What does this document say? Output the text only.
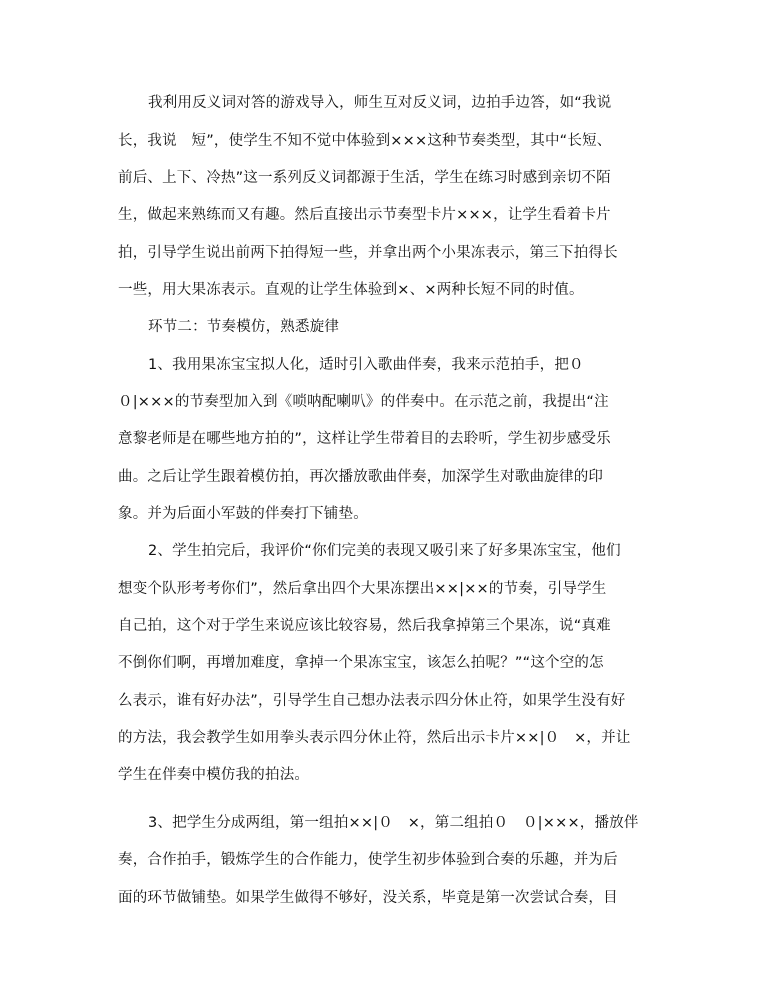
我利用反义词对答的游戏导入，师生互对反义词，边拍手边答，如“我说
长，我说　短”，使学生不知不觉中体验到×××这种节奏类型，其中“长短、
前后、上下、冷热”这一系列反义词都源于生活，学生在练习时感到亲切不陌
生，做起来熟练而又有趣。然后直接出示节奏型卡片×××，让学生看着卡片
拍，引导学生说出前两下拍得短一些，并拿出两个小果冻表示，第三下拍得长
一些，用大果冻表示。直观的让学生体验到×、×两种长短不同的时值。
环节二：节奏模仿，熟悉旋律
1、我用果冻宝宝拟人化，适时引入歌曲伴奏，我来示范拍手，把０
０|×××的节奏型加入到《唢呐配喇叭》的伴奏中。在示范之前，我提出“注
意黎老师是在哪些地方拍的”，这样让学生带着目的去聆听，学生初步感受乐
曲。之后让学生跟着模仿拍，再次播放歌曲伴奏，加深学生对歌曲旋律的印
象。并为后面小军鼓的伴奏打下铺垫。
2、学生拍完后，我评价“你们完美的表现又吸引来了好多果冻宝宝，他们
想变个队形考考你们”，然后拿出四个大果冻摆出××|××的节奏，引导学生
自己拍，这个对于学生来说应该比较容易，然后我拿掉第三个果冻，说“真难
不倒你们啊，再增加难度，拿掉一个果冻宝宝，该怎么拍呢？”“这个空的怎
么表示，谁有好办法”，引导学生自己想办法表示四分休止符，如果学生没有好
的方法，我会教学生如用拳头表示四分休止符，然后出示卡片××|０　×，并让
学生在伴奏中模仿我的拍法。
3、把学生分成两组，第一组拍××|０　×，第二组拍０　０|×××，播放伴
奏，合作拍手，锻炼学生的合作能力，使学生初步体验到合奏的乐趣，并为后
面的环节做铺垫。如果学生做得不够好，没关系，毕竟是第一次尝试合奏，目
